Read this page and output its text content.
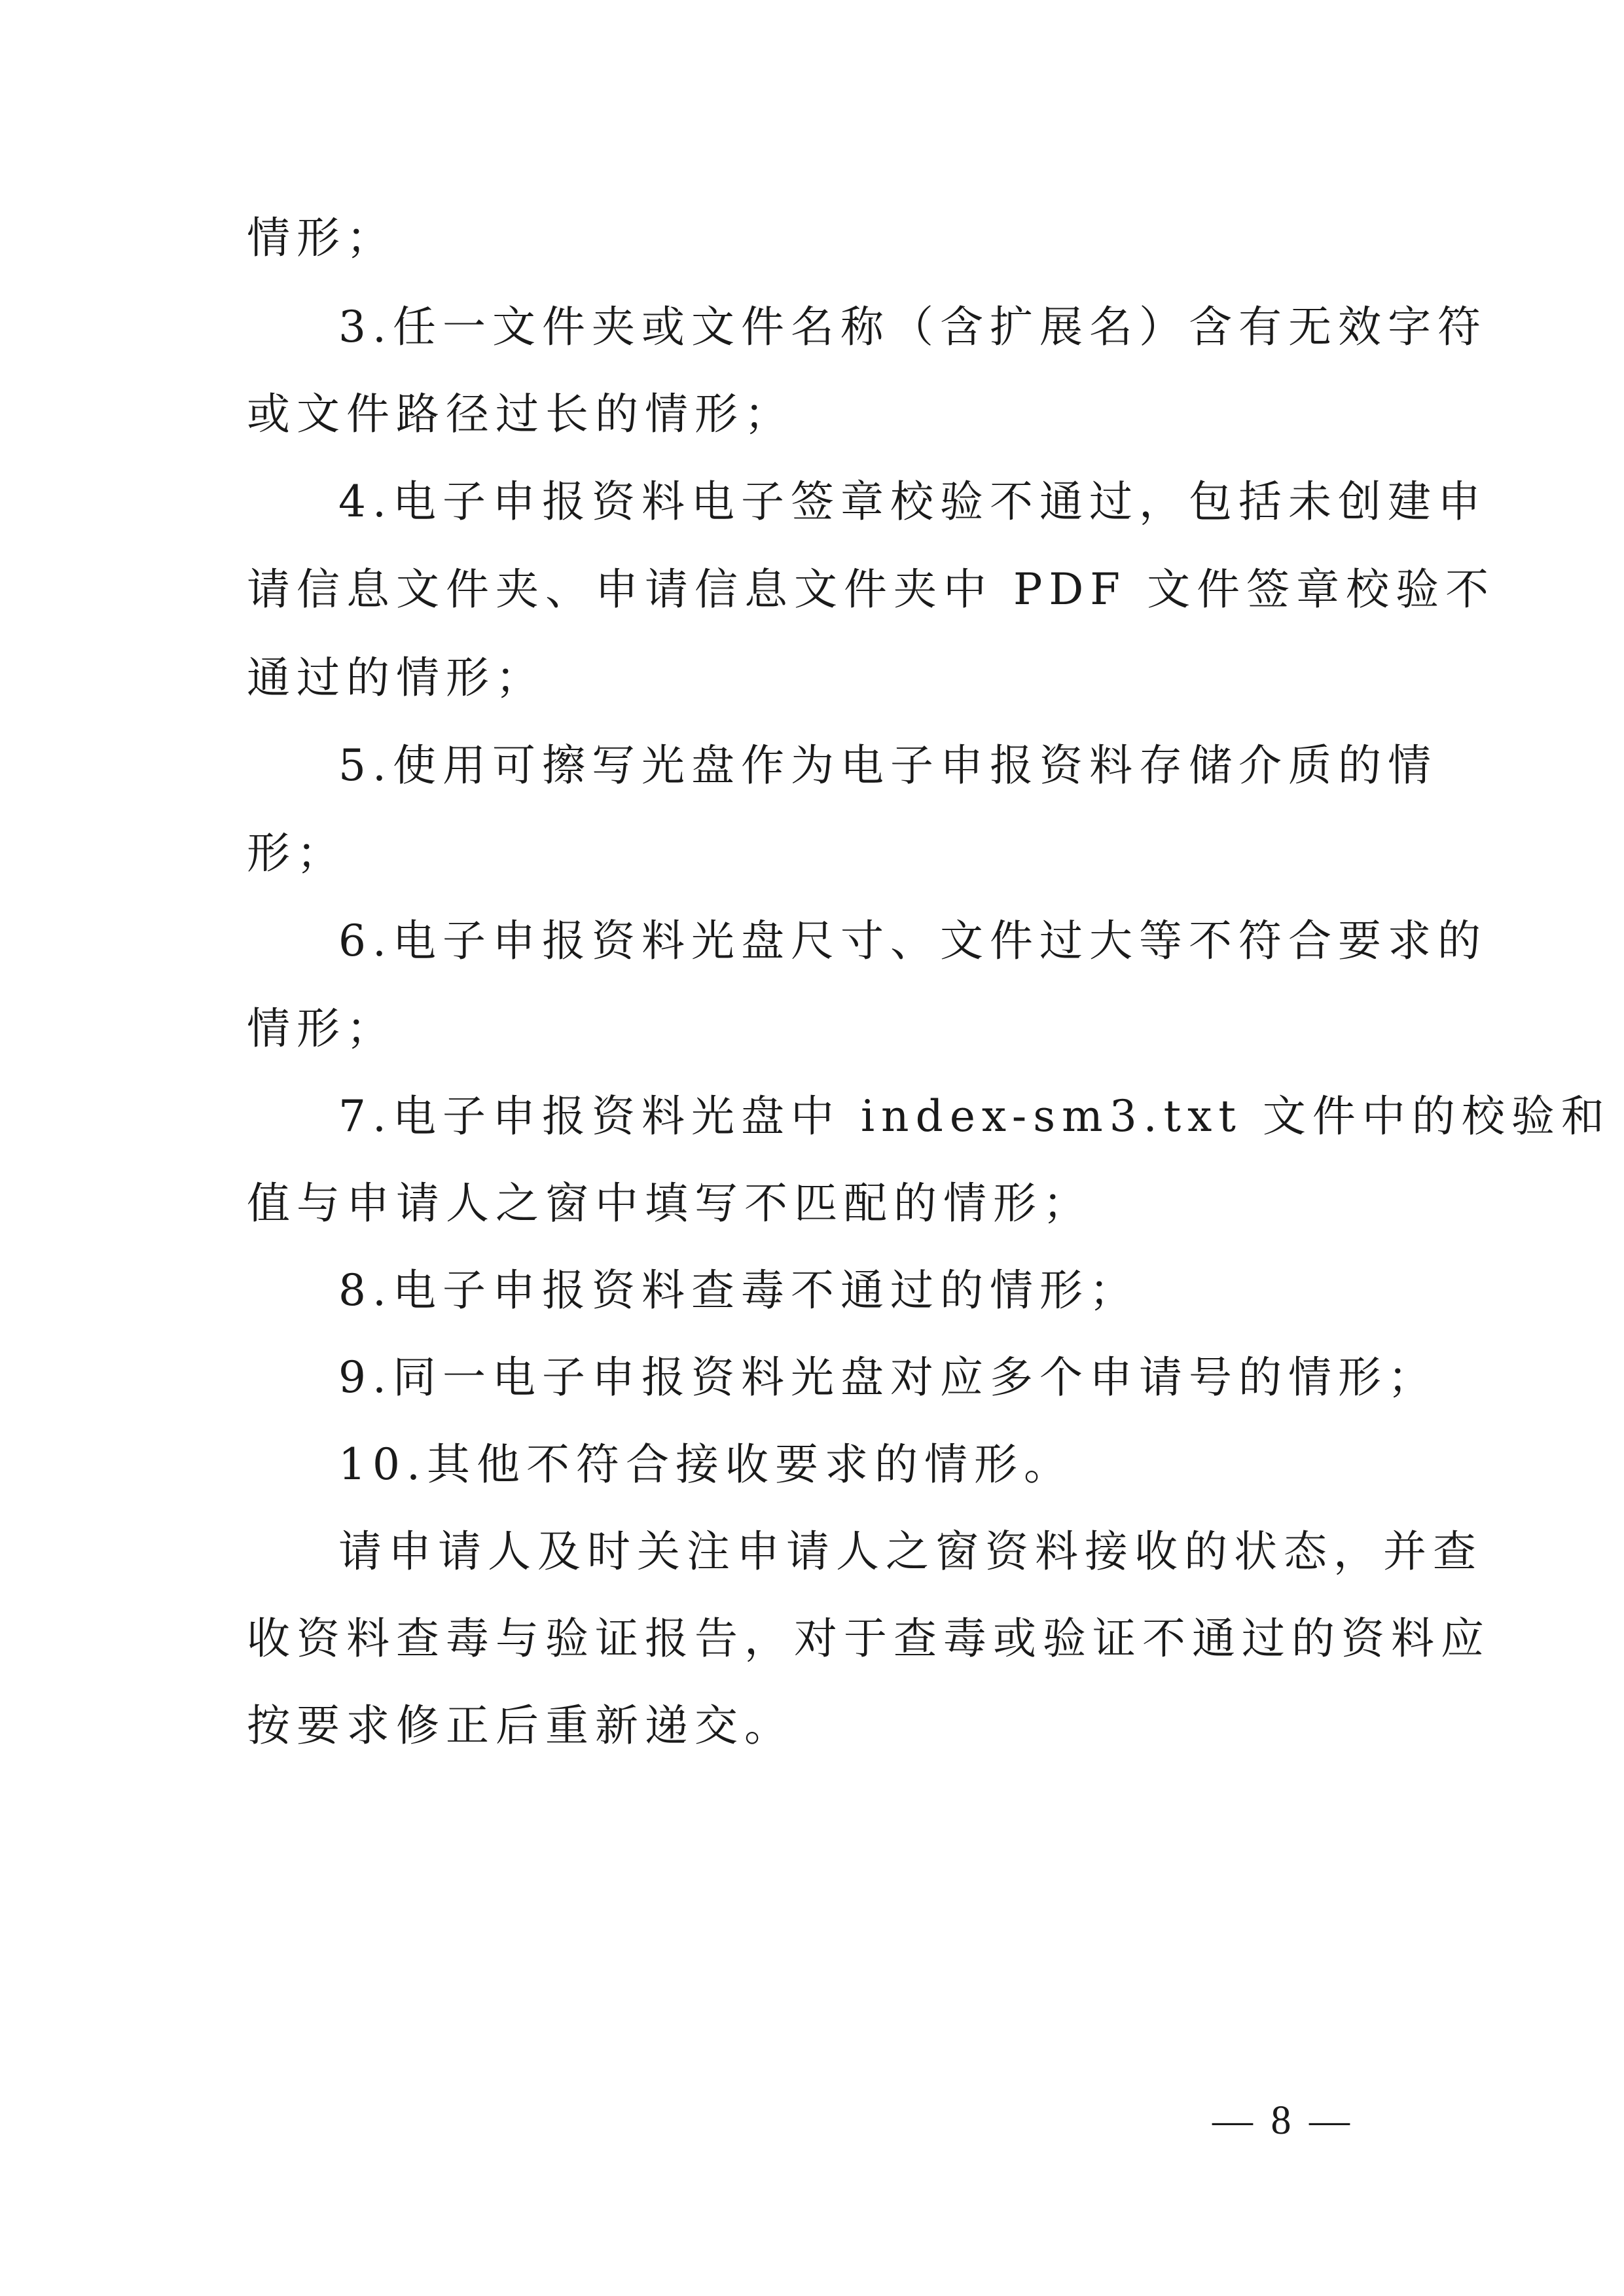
情形；
3.任一文件夹或文件名称（含扩展名）含有无效字符
或文件路径过长的情形；
4.电子申报资料电子签章校验不通过，包括未创建申
请信息文件夹、申请信息文件夹中 PDF 文件签章校验不
通过的情形；
5.使用可擦写光盘作为电子申报资料存储介质的情
形；
6.电子申报资料光盘尺寸、文件过大等不符合要求的
情形；
7.电子申报资料光盘中 index-sm3.txt 文件中的校验和
值与申请人之窗中填写不匹配的情形；
8.电子申报资料查毒不通过的情形；
9.同一电子申报资料光盘对应多个申请号的情形；
10.其他不符合接收要求的情形。
请申请人及时关注申请人之窗资料接收的状态，并查
收资料查毒与验证报告，对于查毒或验证不通过的资料应
按要求修正后重新递交。
— 8 —
